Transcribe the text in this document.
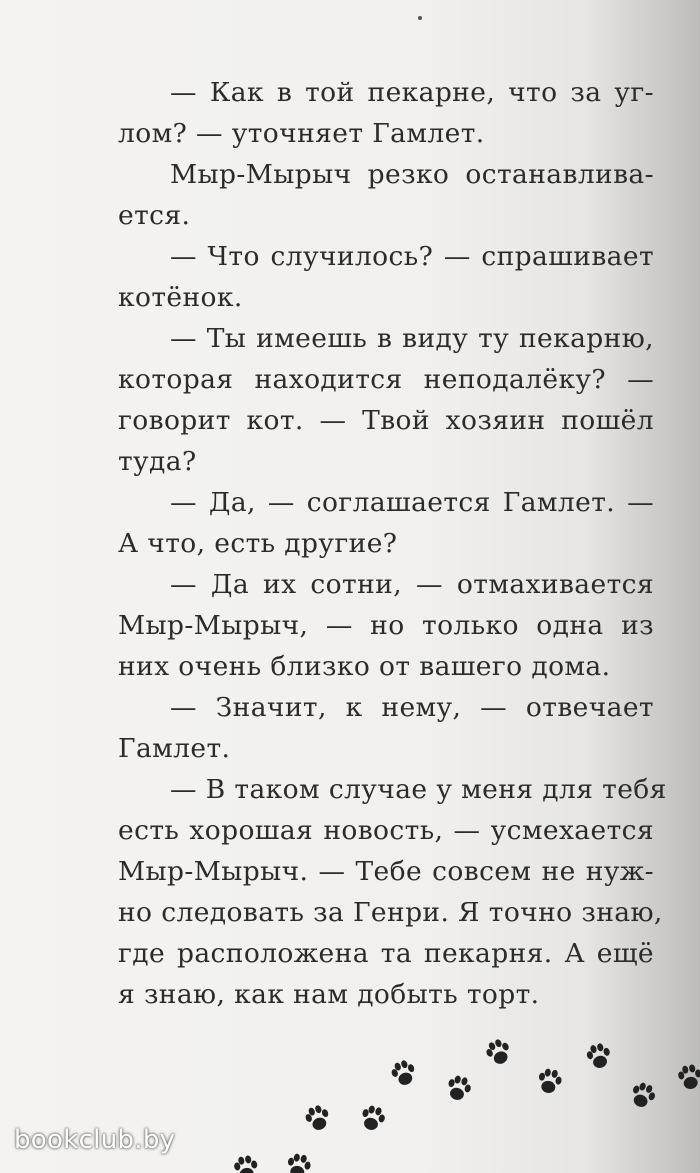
— Как в той пекарне, что за уг-
лом? — уточняет Гамлет.
Мыр-Мырыч резко останавлива-
ется.
— Что случилось? — спрашивает
котёнок.
— Ты имеешь в виду ту пекарню,
которая находится неподалёку? —
говорит кот. — Твой хозяин пошёл
туда?
— Да, — соглашается Гамлет. —
А что, есть другие?
— Да их сотни, — отмахивается
Мыр-Мырыч, — но только одна из
них очень близко от вашего дома.
— Значит, к нему, — отвечает
Гамлет.
— В таком случае у меня для тебя
есть хорошая новость, — усмехается
Мыр-Мырыч. — Тебе совсем не нуж-
но следовать за Генри. Я точно знаю,
где расположена та пекарня. А ещё
я знаю, как нам добыть торт.
bookclub.by
